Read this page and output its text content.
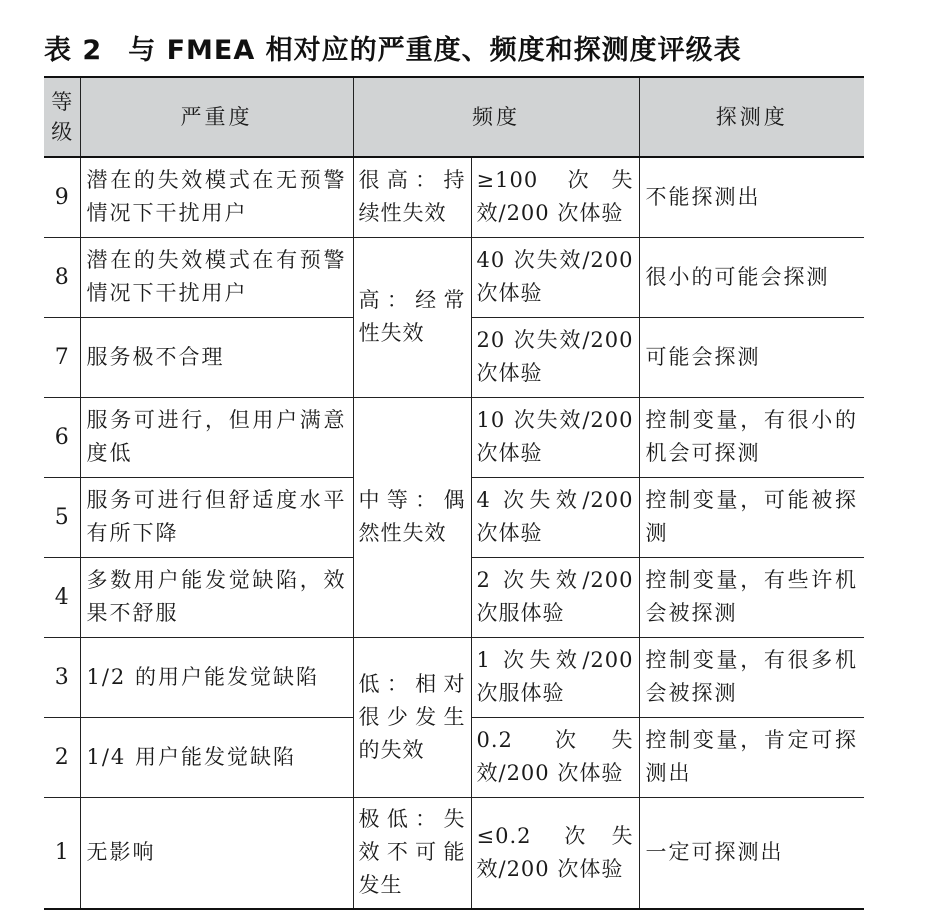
表 2 与 FMEA 相对应的严重度、频度和探测度评级表
等
级	严重度	频度		探测度
9	潜在的失效模式在无预警情况下干扰用户	很高：持续性失效	≥100 次失效/200 次体验	不能探测出
8	潜在的失效模式在有预警情况下干扰用户	高：经常性失效	40 次失效/200 次体验	很小的可能会探测
7	服务极不合理		20 次失效/200 次体验	可能会探测
6	服务可进行，但用户满意度低	中等：偶然性失效	10 次失效/200 次体验	控制变量，有很小的机会可探测
5	服务可进行但舒适度水平有所下降		4 次失效/200 次体验	控制变量，可能被探测
4	多数用户能发觉缺陷，效果不舒服		2 次失效/200 次服体验	控制变量，有些许机会被探测
3	1/2 的用户能发觉缺陷	低：相对很少发生的失效	1 次失效/200 次服体验	控制变量，有很多机会被探测
2	1/4 用户能发觉缺陷		0.2 次失效/200 次体验	控制变量，肯定可探测出
1	无影响	极低：失效不可能发生	≤0.2 次失效/200 次体验	一定可探测出
